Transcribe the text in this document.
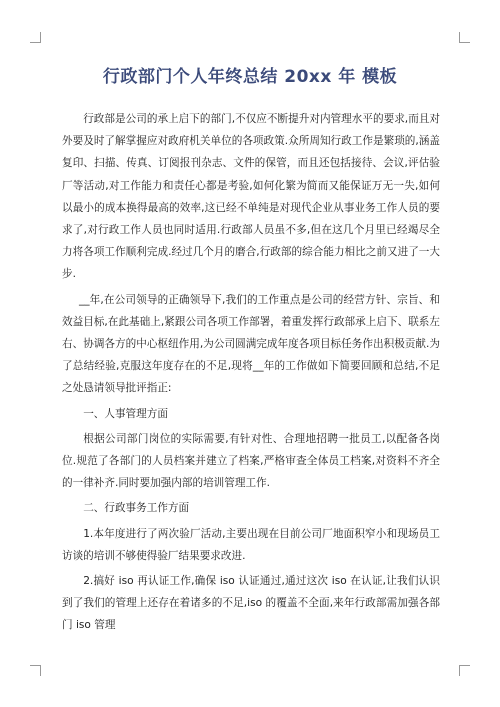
行政部门个人年终总结 20xx 年 模板

行政部是公司的承上启下的部门,不仅应不断提升对内管理水平的要求,而且对外要及时了解掌握应对政府机关单位的各项政策.众所周知行政工作是繁琐的,涵盖复印、扫描、传真、订阅报刊杂志、文件的保管，而且还包括接待、会议,评估验厂等活动,对工作能力和责任心都是考验,如何化繁为简而又能保证万无一失,如何以最小的成本换得最高的效率,这已经不单纯是对现代企业从事业务工作人员的要求了,对行政工作人员也同时适用.行政部人员虽不多,但在这几个月里已经竭尽全力将各项工作顺利完成.经过几个月的磨合,行政部的综合能力相比之前又进了一大步.

__年,在公司领导的正确领导下,我们的工作重点是公司的经营方针、宗旨、和效益目标,在此基础上,紧跟公司各项工作部署，着重发挥行政部承上启下、联系左右、协调各方的中心枢纽作用,为公司圆满完成年度各项目标任务作出积极贡献.为了总结经验,克服这年度存在的不足,现将__年的工作做如下简要回顾和总结,不足之处恳请领导批评指正:

一、人事管理方面

根据公司部门岗位的实际需要,有针对性、合理地招聘一批员工,以配备各岗位.规范了各部门的人员档案并建立了档案,严格审查全体员工档案,对资料不齐全的一律补齐.同时要加强内部的培训管理工作.

二、行政事务工作方面

1.本年度进行了两次验厂活动,主要出现在目前公司厂地面积窄小和现场员工访谈的培训不够使得验厂结果要求改进.

2.搞好 iso 再认证工作,确保 iso 认证通过,通过这次 iso 在认证,让我们认识到了我们的管理上还存在着诸多的不足,iso 的覆盖不全面,来年行政部需加强各部门 iso 管理
